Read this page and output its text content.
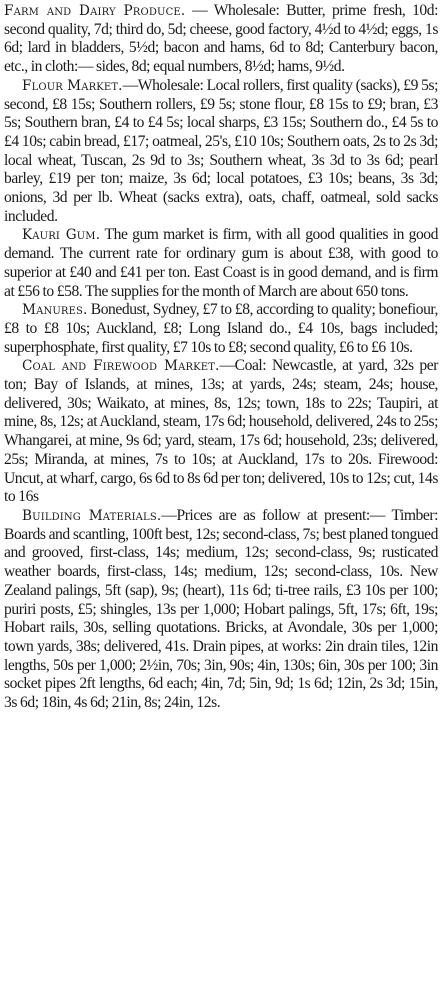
Farm and Dairy Produce. — Wholesale: Butter, prime fresh, 10d: second quality, 7d; third do, 5d; cheese, good factory, 4½d to 4½d; eggs, 1s 6d; lard in bladders, 5½d; bacon and hams, 6d to 8d; Canterbury bacon, etc., in cloth:— sides, 8d; equal numbers, 8½d; hams, 9½d.

Flour Market.—Wholesale: Local rollers, first quality (sacks), £9 5s; second, £8 15s; Southern rollers, £9 5s; stone flour, £8 15s to £9; bran, £3 5s; Southern bran, £4 to £4 5s; local sharps, £3 15s; Southern do., £4 5s to £4 10s; cabin bread, £17; oatmeal, 25's, £10 10s; Southern oats, 2s to 2s 3d; local wheat, Tuscan, 2s 9d to 3s; Southern wheat, 3s 3d to 3s 6d; pearl barley, £19 per ton; maize, 3s 6d; local potatoes, £3 10s; beans, 3s 3d; onions, 3d per lb. Wheat (sacks extra), oats, chaff, oatmeal, sold sacks included.

Kauri Gum. The gum market is firm, with all good qualities in good demand. The current rate for ordinary gum is about £38, with good to superior at £40 and £41 per ton. East Coast is in good demand, and is firm at £56 to £58. The supplies for the month of March are about 650 tons.

Manures. Bonedust, Sydney, £7 to £8, according to quality; bonefiour, £8 to £8 10s; Auckland, £8; Long Island do., £4 10s, bags included; superphosphate, first quality, £7 10s to £8; second quality, £6 to £6 10s.

Coal and Firewood Market.—Coal: Newcastle, at yard, 32s per ton; Bay of Islands, at mines, 13s; at yards, 24s; steam, 24s; house, delivered, 30s; Waikato, at mines, 8s, 12s; town, 18s to 22s; Taupiri, at mine, 8s, 12s; at Auckland, steam, 17s 6d; household, delivered, 24s to 25s; Whangarei, at mine, 9s 6d; yard, steam, 17s 6d; household, 23s; delivered, 25s; Miranda, at mines, 7s to 10s; at Auckland, 17s to 20s. Firewood: Uncut, at wharf, cargo, 6s 6d to 8s 6d per ton; delivered, 10s to 12s; cut, 14s to 16s

Building Materials.—Prices are as follow at present:— Timber: Boards and scantling, 100ft best, 12s; second-class, 7s; best planed tongued and grooved, first-class, 14s; medium, 12s; second-class, 9s; rusticated weather boards, first-class, 14s; medium, 12s; second-class, 10s. New Zealand palings, 5ft (sap), 9s; (heart), 11s 6d; ti-tree rails, £3 10s per 100; puriri posts, £5; shingles, 13s per 1,000; Hobart palings, 5ft, 17s; 6ft, 19s; Hobart rails, 30s, selling quotations. Bricks, at Avondale, 30s per 1,000; town yards, 38s; delivered, 41s. Drain pipes, at works: 2in drain tiles, 12in lengths, 50s per 1,000; 2½in, 70s; 3in, 90s; 4in, 130s; 6in, 30s per 100; 3in socket pipes 2ft lengths, 6d each; 4in, 7d; 5in, 9d; 1s 6d; 12in, 2s 3d; 15in, 3s 6d; 18in, 4s 6d; 21in, 8s; 24in, 12s.
